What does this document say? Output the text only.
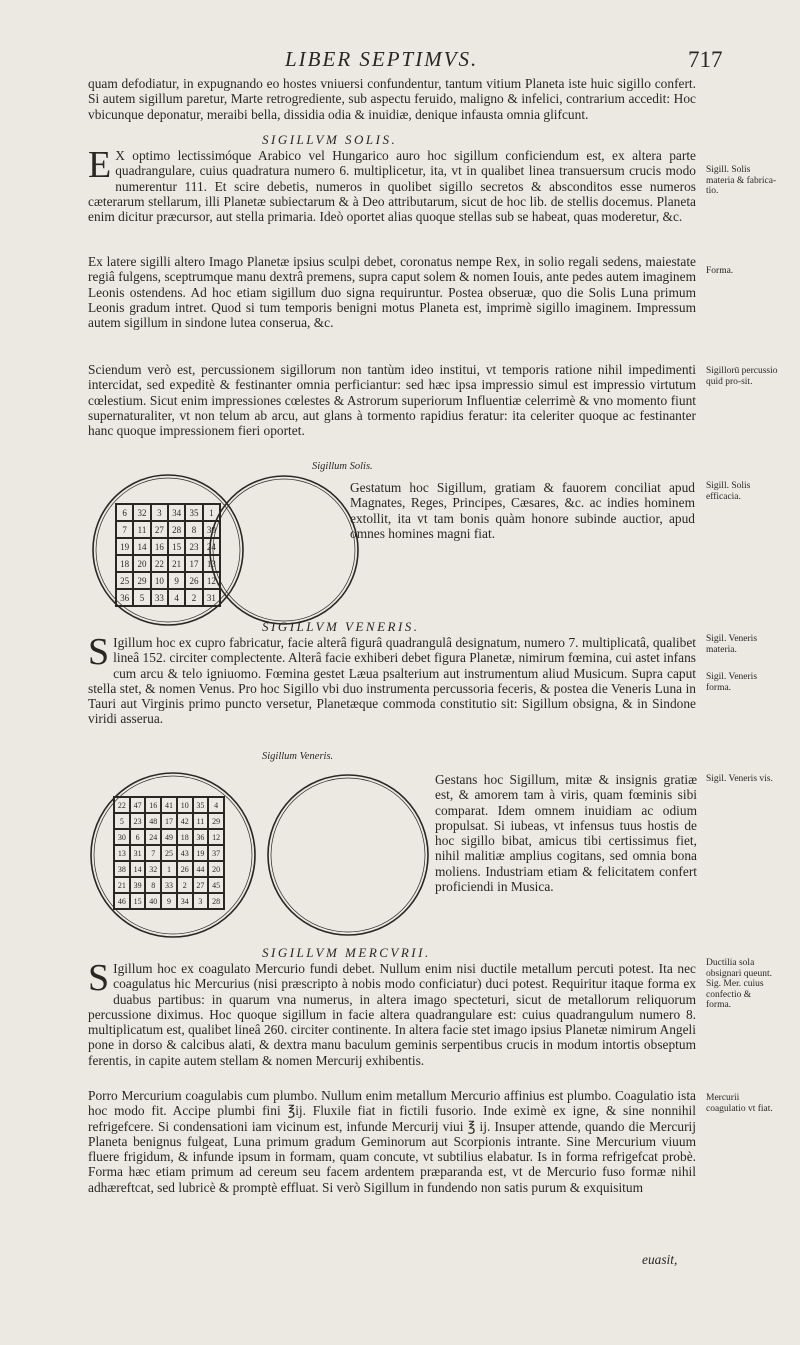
LIBER SEPTIMVS.	717
quam defodiatur, in expugnando eo hostes vniuersi confundentur, tantum vitium Planeta iste huic sigillo confert. Si autem sigillum paretur, Marte retrogrediente, sub aspectu feruido, maligno & infelici, contrarium accedit: Hoc vbicunque deponatur, meraibi bella, dissidia odia & inuidiæ, denique infausta omnia glifcunt.
SIGILLVM SOLIS.
E X optimo lectissimóque Arabico vel Hungarico auro hoc sigillum conficiendum est, ex altera parte quadrangulare, cuius quadratura numero 6. multiplicetur, ita, vt in qualibet linea transuersum crucis modo numerentur 111. Et scire debetis, numeros in quolibet sigillo secretos & absconditos esse numeros cæterarum stellarum, illi Planetæ subiectarum & à Deo attributarum, sicut de hoc lib. de stellis docemus. Planeta enim dicitur præcursor, aut stella primaria. Ideò oportet alias quoque stellas sub se habeat, quas moderetur, &c.
Ex latere sigilli altero Imago Planetæ ipsius sculpi debet, coronatus nempe Rex, in solio regali sedens, maiestate regiâ fulgens, sceptrumque manu dextrâ premens, supra caput solem & nomen Iouis, ante pedes autem imaginem Leonis ostendens. Ad hoc etiam sigillum duo signa requiruntur. Postea obseruæ, quo die Solis Luna primum Leonis gradum intret. Quod si tum temporis benigni motus Planeta est, imprimè sigillo imaginem. Impressum autem sigillum in sindone lutea conserua, &c.
Sciendum verò est, percussionem sigillorum non tantùm ideo institui, vt temporis ratione nihil impedimenti intercidat, sed expeditè & festinanter omnia perficiantur: sed hæc ipsa impressio simul est impressio virtutum cœlestium. Sicut enim impressiones cœlestes & Astrorum superiorum Influentiæ celerrimè & vno momento fiunt supernaturaliter, vt non telum ab arcu, aut glans à tormento rapidius feratur: ita celeriter quoque ac festinanter hanc quoque impressionem fieri oportet.
Sigillum Solis.
6	32	3	34 35	1
7	11 27 28	8	30
19 14 16 15 23 24
18 20 22 21 17 13
25 29 10	9	26 12
36	5	33	4	2	31
Gestatum hoc Sigillum, gratiam & fauorem conciliat apud Magnates, Reges, Principes, Cæsares, &c. ac indies hominem extollit, ita vt tam bonis quàm honore subinde auctior, apud omnes homines magni fiat.
SIGILLVM VENERIS.
S Igillum hoc ex cupro fabricatur, facie alterâ figurâ quadrangulâ designatum, numero 7. multiplicatâ, qualibet lineâ 152. circiter complectente. Alterâ facie exhiberi debet figura Planetæ, nimirum fœmina, cui astet infans cum arcu & telo igniuomo. Fœmina gestet Læua psalterium aut instrumentum aliud Musicum. Supra caput stella stet, & nomen Venus. Pro hoc Sigillo vbi duo instrumenta percussoria feceris, & postea die Veneris Luna in Tauri aut Virginis primo puncto versetur, Planetæque commoda constitutio sit: Sigillum obsigna, & in Sindone viridi asserua.
Sigillum Veneris.
22 47 16 41 10 35	4
5	23 48 17 42 11 29
30	6	24 49 18 36 12
13 31	7	25 43 19 37
38 14 32	1	26 44 20
21 39	8	33	2	27 45
46 15 40	9	34	3	28
Gestans hoc Sigillum, mitæ & insignis gratiæ est, & amorem tam à viris, quam fœminis sibi comparat. Idem omnem inuidiam ac odium propulsat. Si iubeas, vt infensus tuus hostis de hoc sigillo bibat, amicus tibi certissimus fiet, nihil malitiæ amplius cogitans, sed omnia bona moliens. Industriam etiam & felicitatem confert proficiendi in Musica.
SIGILLVM MERCVRII.
S Igillum hoc ex coagulato Mercurio fundi debet. Nullum enim nisi ductile metallum percuti potest. Ita nec coagulatus hic Mercurius (nisi præscripto à nobis modo conficiatur) duci potest. Requiritur itaque forma ex duabus partibus: in quarum vna numerus, in altera imago specteturi, sicut de metallorum reliquorum percussione diximus. Hoc quoque sigillum in facie altera quadrangulare est: cuius quadrangulum numero 8. multiplicatum est, qualibet lineâ 260. circiter continente. In altera facie stet imago ipsius Planetæ nimirum Angeli pone in dorso & calcibus alati, & dextra manu baculum geminis serpentibus crucis in modum intortis obseptum ferentis, in capite autem stellam & nomen Mercurij exhibentis.
Porro Mercurium coagulabis cum plumbo. Nullum enim metallum Mercurio affinius est plumbo. Coagulatio ista hoc modo fit. Accipe plumbi fini ℥ij. Fluxile fiat in fictili fusorio. Inde eximè ex igne, & sine nonnihil refrigefcere. Si condensationi iam vicinum est, infunde Mercurij viui ℥ ij. Insuper attende, quando die Mercurij Planeta benignus fulgeat, Luna primum gradum Geminorum aut Scorpionis intrante. Sine Mercurium viuum fluere frigidum, & infunde ipsum in formam, quam concute, vt subtilius elabatur. Is in forma refrigefcat probè. Forma hæc etiam primum ad cereum seu facem ardentem præparanda est, vt de Mercurio fuso formæ nihil adhæreftcat, sed lubricè & promptè effluat. Si verò Sigillum in fundendo non satis purum & exquisitum
euasit,
Sigill. Solis materia & fabrica-tio.
Forma.
Sigillorū percussio quid pro-sit.
Sigill. Solis efficacia.
Sigil. Veneris materia.
Sigil. Veneris forma.
Sigil. Veneris vis.
Ductilia sola obsignari queunt. Sig. Mer. cuius confectio & forma.
Mercurii coagulatio vt fiat.
